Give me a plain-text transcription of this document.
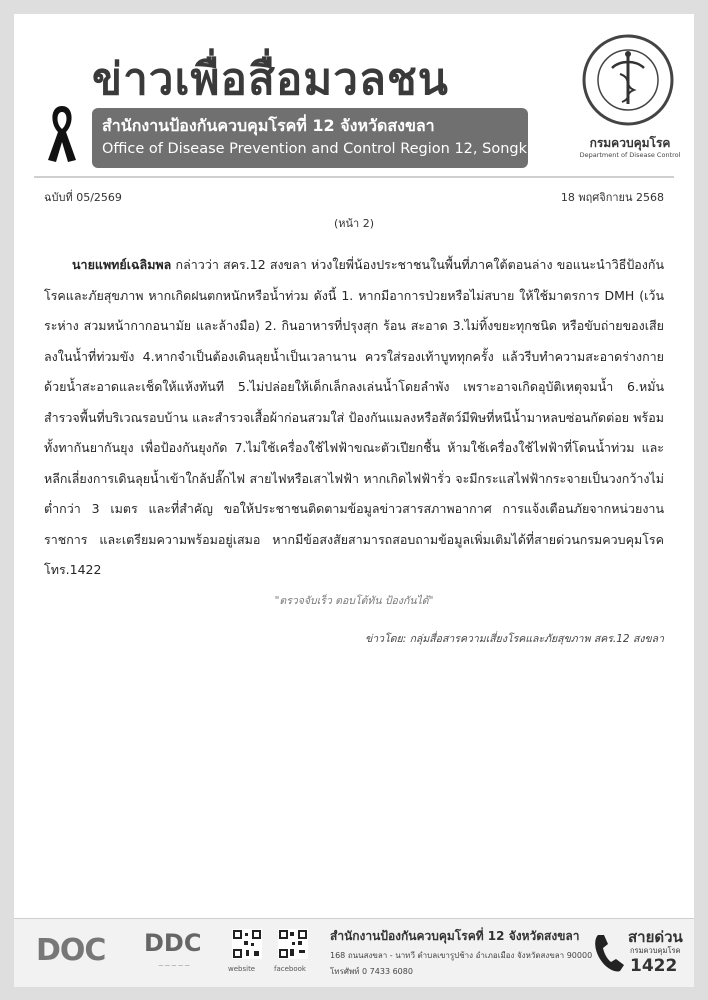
ข่าวเพื่อสื่อมวลชน
สำนักงานป้องกันควบคุมโรคที่ 12 จังหวัดสงขลา
Office of Disease Prevention and Control Region 12, Songkhla	กรมควบคุมโรค
Department of Disease Control
ฉบับที่ 05/2569	18 พฤศจิกายน 2568
(หน้า 2)
นายแพทย์เฉลิมพล กล่าวว่า สคร.12 สงขลา ห่วงใยพี่น้องประชาชนในพื้นที่ภาคใต้ตอนล่าง ขอแนะนำวิธีป้องกันโรคและภัยสุขภาพ หากเกิดฝนตกหนักหรือน้ำท่วม ดังนี้ 1. หากมีอาการป่วยหรือไม่สบาย ให้ใช้มาตรการ DMH (เว้นระห่าง สวมหน้ากากอนามัย และล้างมือ) 2. กินอาหารที่ปรุงสุก ร้อน สะอาด 3.ไม่ทิ้งขยะทุกชนิด หรือขับถ่ายของเสียลงในน้ำที่ท่วมขัง 4.หากจำเป็นต้องเดินลุยน้ำเป็นเวลานาน ควรใส่รองเท้าบูททุกครั้ง แล้วรีบทำความสะอาดร่างกายด้วยน้ำสะอาดและเช็ดให้แห้งทันที 5.ไม่ปล่อยให้เด็กเล็กลงเล่นน้ำโดยลำพัง เพราะอาจเกิดอุบัติเหตุจมน้ำ 6.หมั่นสำรวจพื้นที่บริเวณรอบบ้าน และสำรวจเสื้อผ้าก่อนสวมใส่ ป้องกันแมลงหรือสัตว์มีพิษที่หนีน้ำมาหลบซ่อนกัดต่อย พร้อมทั้งทากันยากันยุง เพื่อป้องกันยุงกัด 7.ไม่ใช้เครื่องใช้ไฟฟ้าขณะตัวเปียกชื้น ห้ามใช้เครื่องใช้ไฟฟ้าที่โดนน้ำท่วม และหลีกเลี่ยงการเดินลุยน้ำเข้าใกล้ปลั๊กไฟ สายไฟหรือเสาไฟฟ้า หากเกิดไฟฟ้ารั่ว จะมีกระแสไฟฟ้ากระจายเป็นวงกว้างไม่ต่ำกว่า 3 เมตร และที่สำคัญ ขอให้ประชาชนติดตามข้อมูลข่าวสารสภาพอากาศ การแจ้งเตือนภัยจากหน่วยงานราชการ และเตรียมความพร้อมอยู่เสมอ หากมีข้อสงสัยสามารถสอบถามข้อมูลเพิ่มเติมได้ที่สายด่วนกรมควบคุมโรค โทร.1422
"ตรวจจับเร็ว ตอบโต้ทัน ป้องกันได้"
ข่าวโดย: กลุ่มสื่อสารความเสี่ยงโรคและภัยสุขภาพ สคร.12 สงขลา
DOC DDC
— — — — —	website	facebook
สำนักงานป้องกันควบคุมโรคที่ 12 จังหวัดสงขลา
168 ถนนสงขลา - นาทวี ตำบลเขารูปช้าง อำเภอเมือง จังหวัดสงขลา 90000
โทรศัพท์ 0 7433 6080
สายด่วน
กรมควบคุมโรค
1422
